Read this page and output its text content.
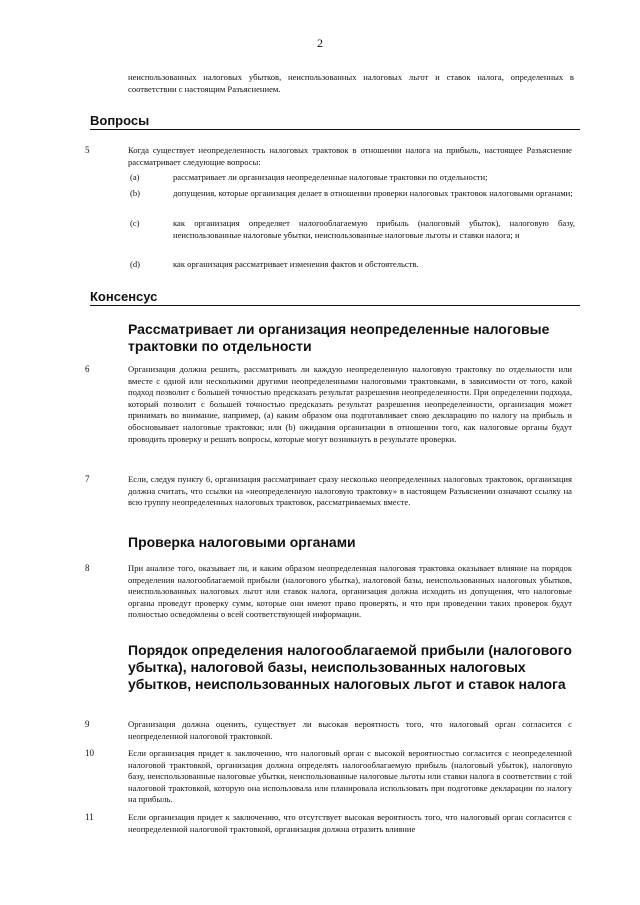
2
неиспользованных налоговых убытков, неиспользованных налоговых льгот и ставок налога, определенных в соответствии с настоящим Разъяснением.
Вопросы
5	Когда существует неопределенность налоговых трактовок в отношении налога на прибыль, настоящее Разъяснение рассматривает следующие вопросы:
(a)	рассматривает ли организация неопределенные налоговые трактовки по отдельности;
(b)	допущения, которые организация делает в отношении проверки налоговых трактовок налоговыми органами;
(c)	как организация определяет налогооблагаемую прибыль (налоговый убыток), налоговую базу, неиспользованные налоговые убытки, неиспользованные налоговые льготы и ставки налога; и
(d)	как организация рассматривает изменения фактов и обстоятельств.
Консенсус
Рассматривает ли организация неопределенные налоговые трактовки по отдельности
6	Организация должна решить, рассматривать ли каждую неопределенную налоговую трактовку по отдельности или вместе с одной или несколькими другими неопределенными налоговыми трактовками, в зависимости от того, какой подход позволит с большей точностью предсказать результат разрешения неопределенности. При определении подхода, который позволит с большей точностью предсказать результат разрешения неопределенности, организация может принимать во внимание, например, (a) каким образом она подготавливает свою декларацию по налогу на прибыль и обосновывает налоговые трактовки; или (b) ожидания организации в отношении того, как налоговые органы будут проводить проверку и решать вопросы, которые могут возникнуть в результате проверки.
7	Если, следуя пункту 6, организация рассматривает сразу несколько неопределенных налоговых трактовок, организация должна считать, что ссылки на «неопределенную налоговую трактовку» в настоящем Разъяснении означают ссылку на всю группу неопределенных налоговых трактовок, рассматриваемых вместе.
Проверка налоговыми органами
8	При анализе того, оказывает ли, и каким образом неопределенная налоговая трактовка оказывает влияние на порядок определения налогооблагаемой прибыли (налогового убытка), налоговой базы, неиспользованных налоговых убытков, неиспользованных налоговых льгот или ставок налога, организация должна исходить из допущения, что налоговые органы проведут проверку сумм, которые они имеют право проверять, и что при проведении таких проверок будут полностью осведомлены о всей соответствующей информации.
Порядок определения налогооблагаемой прибыли (налогового убытка), налоговой базы, неиспользованных налоговых убытков, неиспользованных налоговых льгот и ставок налога
9	Организация должна оценить, существует ли высокая вероятность того, что налоговый орган согласится с неопределенной налоговой трактовкой.
10	Если организация придет к заключению, что налоговый орган с высокой вероятностью согласится с неопределенной налоговой трактовкой, организация должна определять налогооблагаемую прибыль (налоговый убыток), налоговую базу, неиспользованные налоговые убытки, неиспользованные налоговые льготы или ставки налога в соответствии с той налоговой трактовкой, которую она использовала или планировала использовать при подготовке декларации по налогу на прибыль.
11	Если организация придет к заключению, что отсутствует высокая вероятность того, что налоговый орган согласится с неопределенной налоговой трактовкой, организация должна отразить влияние
